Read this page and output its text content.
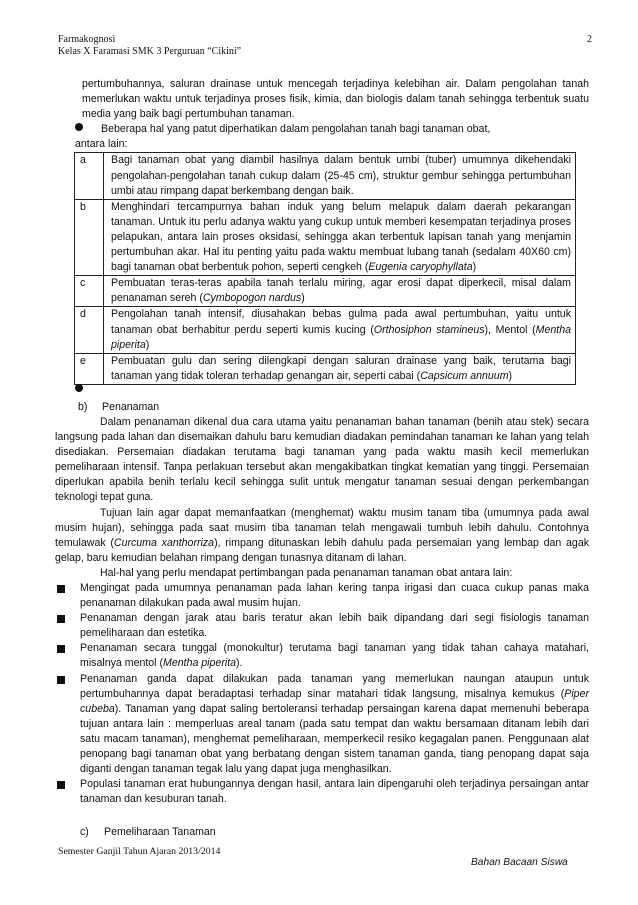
Farmakognosi
Kelas X Faramasi SMK 3 Perguruan “Cikini”
2

pertumbuhannya, saluran drainase untuk mencegah terjadinya kelebihan air. Dalam pengolahan tanah memerlukan waktu untuk terjadinya proses fisik, kimia, dan biologis dalam tanah sehingga terbentuk suatu media yang baik bagi pertumbuhan tanaman.

Beberapa hal yang patut diperhatikan dalam pengolahan tanah bagi tanaman obat,
antara lain:
a	Bagi tanaman obat yang diambil hasilnya dalam bentuk umbi (tuber) umumnya dikehendaki pengolahan-pengolahan tanah cukup dalam (25-45 cm), struktur gembur sehingga pertumbuhan umbi atau rimpang dapat berkembang dengan baik.
b	Menghindari tercampurnya bahan induk yang belum melapuk dalam daerah pekarangan tanaman. Untuk itu perlu adanya waktu yang cukup untuk memberi kesempatan terjadinya proses pelapukan, antara lain proses oksidasi, sehingga akan terbentuk lapisan tanah yang menjamin pertumbuhan akar. Hal itu penting yaitu pada waktu membuat lubang tanah (sedalam 40X60 cm) bagi tanaman obat berbentuk pohon, seperti cengkeh (Eugenia caryophyllata)
c	Pembuatan teras-teras apabila tanah terlalu miring, agar erosi dapat diperkecil, misal dalam penanaman sereh (Cymbopogon nardus)
d	Pengolahan tanah intensif, diusahakan bebas gulma pada awal pertumbuhan, yaitu untuk tanaman obat berhabitur perdu seperti kumis kucing (Orthosiphon stamineus), Mentol (Mentha piperita)
e	Pembuatan gulu dan sering dilengkapi dengan saluran drainase yang baik, terutama bagi tanaman yang tidak toleran terhadap genangan air, seperti cabai (Capsicum annuum)
b)	Penanaman

Dalam penanaman dikenal dua cara utama yaitu penanaman bahan tanaman (benih atau stek) secara langsung pada lahan dan disemaikan dahulu baru kemudian diadakan pemindahan tanaman ke lahan yang telah disediakan. Persemaian diadakan terutama bagi tanaman yang pada waktu masih kecil memerlukan pemeliharaan intensif. Tanpa perlakuan tersebut akan mengakibatkan tingkat kematian yang tinggi. Persemaian diperlukan apabila benih terlalu kecil sehingga sulit untuk mengatur tanaman sesuai dengan perkembangan teknologi tepat guna.

Tujuan lain agar dapat memanfaatkan (menghemat) waktu musim tanam tiba (umumnya pada awal musim hujan), sehingga pada saat musim tiba tanaman telah mengawali tumbuh lebih dahulu. Contohnya temulawak (Curcuma xanthorriza), rimpang ditunaskan lebih dahulu pada persemaian yang lembap dan agak gelap, baru kemudian belahan rimpang dengan tunasnya ditanam di lahan.

Hal-hal yang perlu mendapat pertimbangan pada penanaman tanaman obat antara lain:

Mengingat pada umumnya penanaman pada lahan kering tanpa irigasi dan cuaca cukup panas maka penanaman dilakukan pada awal musim hujan.
Penanaman dengan jarak atau baris teratur akan lebih baik dipandang dari segi fisiologis tanaman pemeliharaan dan estetika.
Penanaman secara tunggal (monokultur) terutama bagi tanaman yang tidak tahan cahaya matahari, misalnya mentol (Mentha piperita).
Penanaman ganda dapat dilakukan pada tanaman yang memerlukan naungan ataupun untuk pertumbuhannya dapat beradaptasi terhadap sinar matahari tidak langsung, misalnya kemukus (Piper cubeba). Tanaman yang dapat saling bertoleransi terhadap persaingan karena dapat memenuhi beberapa tujuan antara lain : memperluas areal tanam (pada satu tempat dan waktu bersamaan ditanam lebih dari satu macam tanaman), menghemat pemeliharaan, memperkecil resiko kegagalan panen. Penggunaan alat penopang bagi tanaman obat yang berbatang dengan sistem tanaman ganda, tiang penopang dapat saja diganti dengan tanaman tegak lalu yang dapat juga menghasilkan.
Populasi tanaman erat hubungannya dengan hasil, antara lain dipengaruhi oleh terjadinya persaingan antar tanaman dan kesuburan tanah.
c)	Pemeliharaan Tanaman
Semester Ganjil Tahun Ajaran 2013/2014
Bahan Bacaan Siswa
